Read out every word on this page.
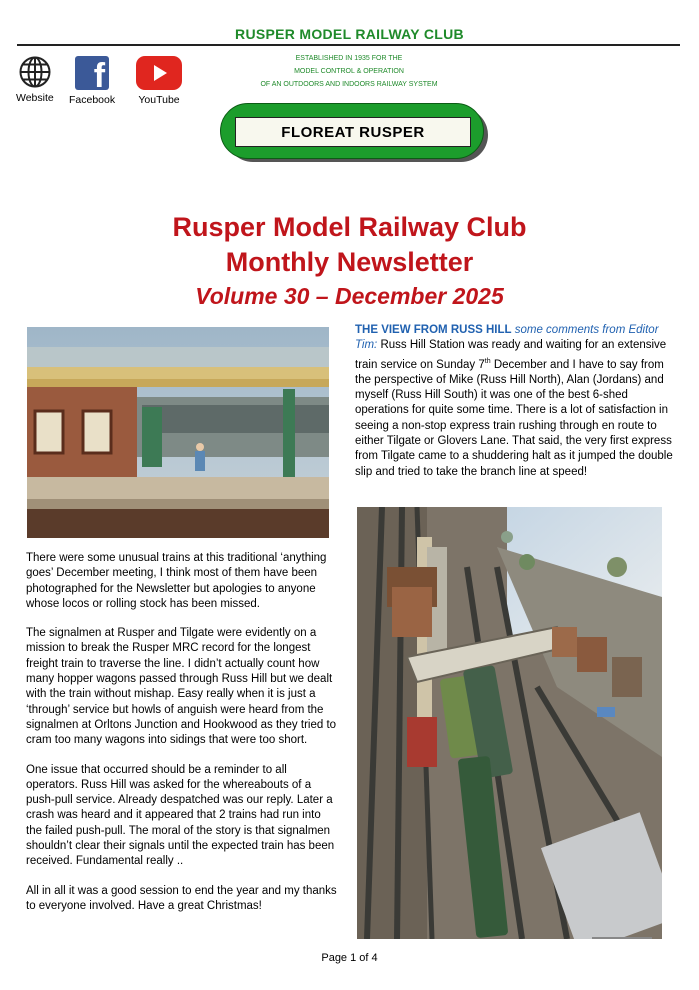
RUSPER MODEL RAILWAY CLUB
Website
f
Facebook YouTube
ESTABLISHED IN 1935 FOR THE
MODEL CONTROL & OPERATION
OF AN OUTDOORS AND INDOORS RAILWAY SYSTEM
FLOREAT RUSPER
Rusper Model Railway Club
Monthly Newsletter
Volume 30 – December 2025

There were some unusual trains at this traditional ‘anything goes’ December meeting, I think most of them have been photographed for the Newsletter but apologies to anyone whose locos or rolling stock has been missed.

The signalmen at Rusper and Tilgate were evidently on a mission to break the Rusper MRC record for the longest freight train to traverse the line. I didn’t actually count how many hopper wagons passed through Russ Hill but we dealt with the train without mishap. Easy really when it is just a ‘through’ service but howls of anguish were heard from the signalmen at Orltons Junction and Hookwood as they tried to cram too many wagons into sidings that were too short.

One issue that occurred should be a reminder to all operators. Russ Hill was asked for the whereabouts of a push-pull service. Already despatched was our reply. Later a crash was heard and it appeared that 2 trains had run into the failed push-pull. The moral of the story is that signalmen shouldn’t clear their signals until the expected train has been received. Fundamental really ..

All in all it was a good session to end the year and my thanks to everyone involved. Have a great Christmas!

THE VIEW FROM RUSS HILL some comments from Editor Tim: Russ Hill Station was ready and waiting for an extensive train service on Sunday 7th December and I have to say from the perspective of Mike (Russ Hill North), Alan (Jordans) and myself (Russ Hill South) it was one of the best 6-shed operations for quite some time. There is a lot of satisfaction in seeing a non-stop express train rushing through en route to either Tilgate or Glovers Lane. That said, the very first express from Tilgate came to a shuddering halt as it jumped the double slip and tried to take the branch line at speed!

Page 1 of 4
